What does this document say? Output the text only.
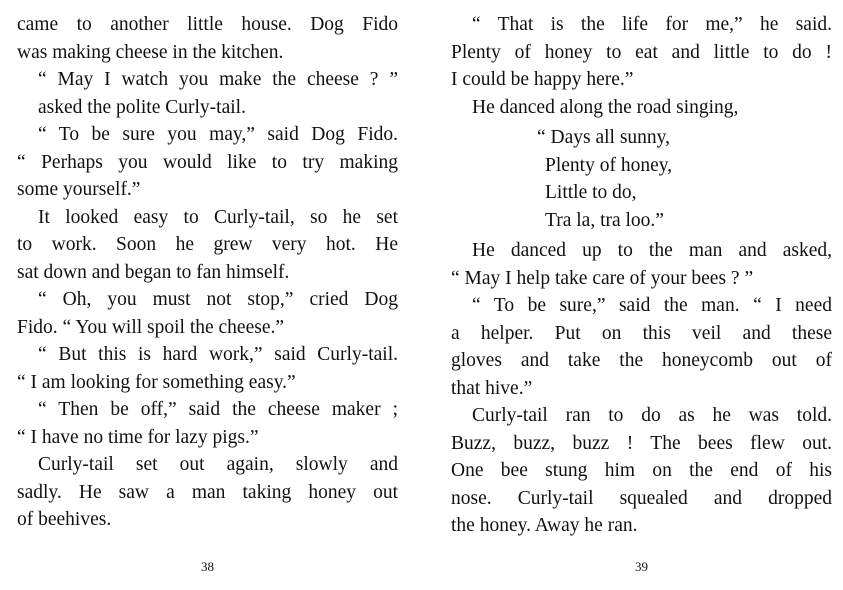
came to another little house. Dog Fido
was making cheese in the kitchen.

“ May I watch you make the cheese ? ”
asked the polite Curly-tail.

“ To be sure you may,” said Dog Fido.
“ Perhaps you would like to try making
some yourself.”

It looked easy to Curly-tail, so he set
to work. Soon he grew very hot. He
sat down and began to fan himself.

“ Oh, you must not stop,” cried Dog
Fido. “ You will spoil the cheese.”

“ But this is hard work,” said Curly-tail.
“ I am looking for something easy.”

“ Then be off,” said the cheese maker ;
“ I have no time for lazy pigs.”

Curly-tail set out again, slowly and
sadly. He saw a man taking honey out
of beehives.

38

“ That is the life for me,” he said.
Plenty of honey to eat and little to do !
I could be happy here.”

He danced along the road singing,

“ Days all sunny,
Plenty of honey,
Little to do,
Tra la, tra loo.”

He danced up to the man and asked,
“ May I help take care of your bees ? ”

“ To be sure,” said the man. “ I need
a helper. Put on this veil and these
gloves and take the honeycomb out of
that hive.”

Curly-tail ran to do as he was told.
Buzz, buzz, buzz ! The bees flew out.
One bee stung him on the end of his
nose. Curly-tail squealed and dropped
the honey. Away he ran.

39
